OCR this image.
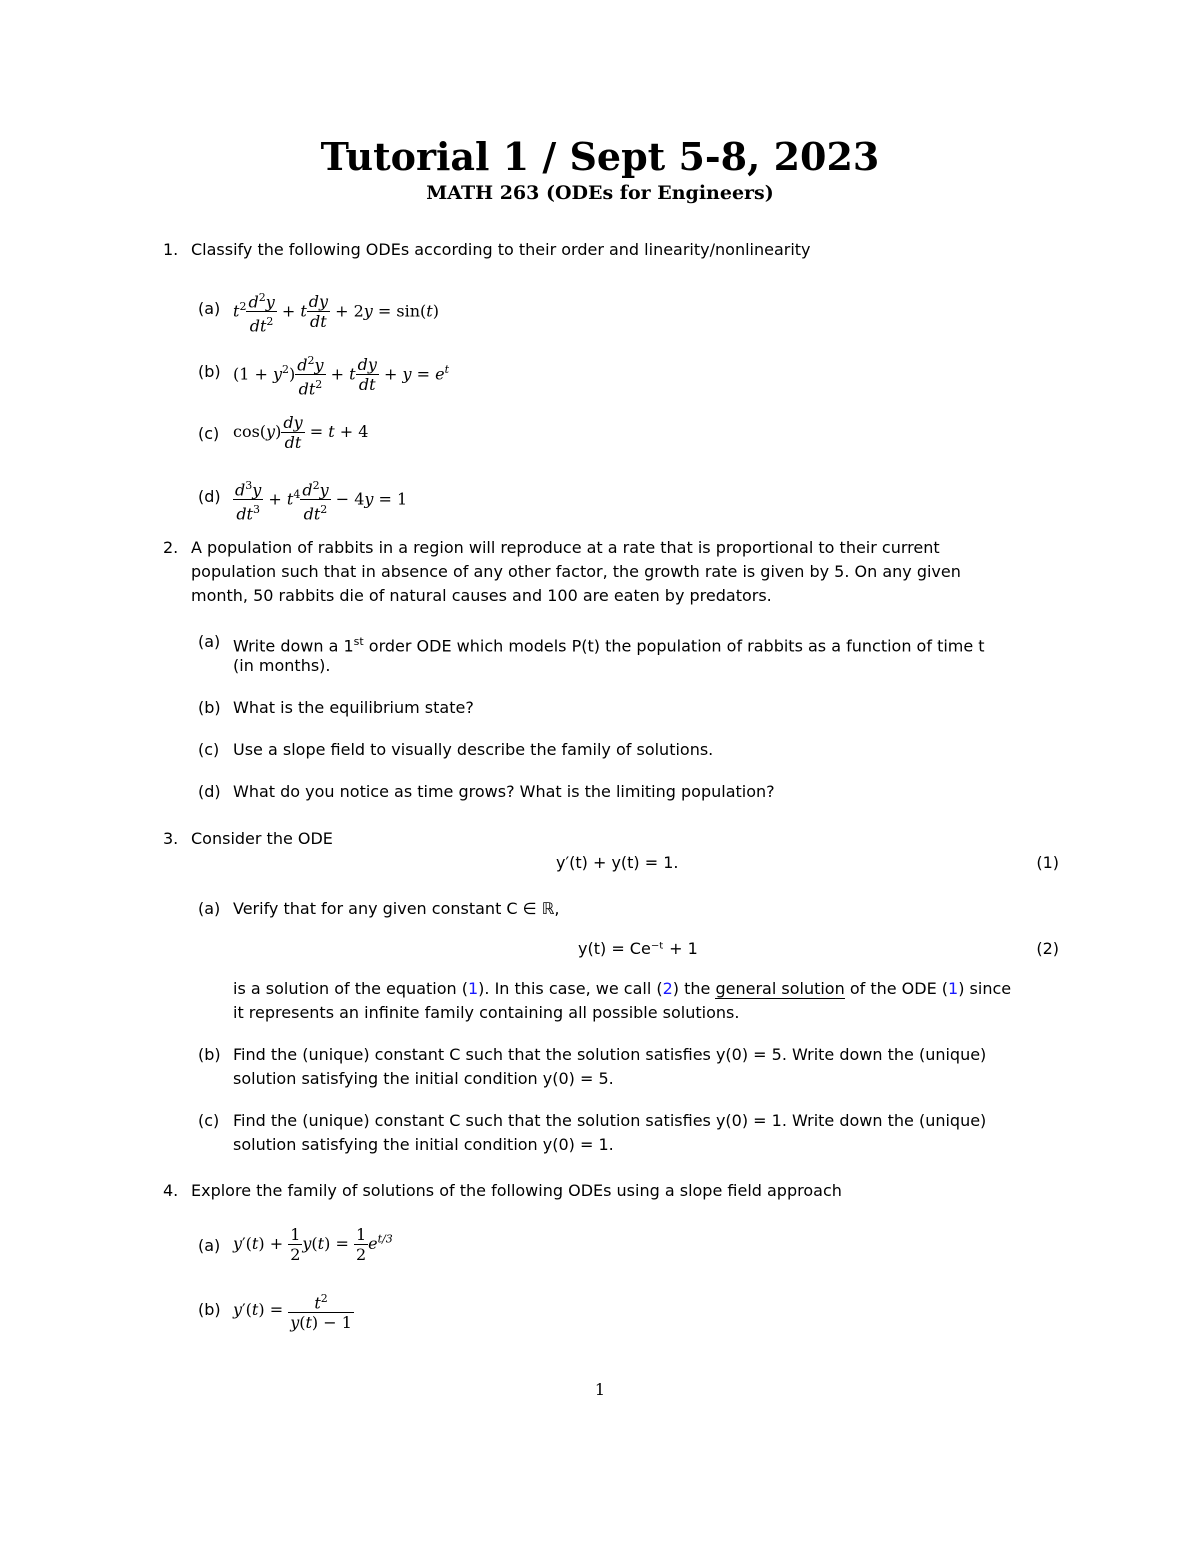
Tutorial 1 / Sept 5-8, 2023
MATH 263 (ODEs for Engineers)
1. Classify the following ODEs according to their order and linearity/nonlinearity
(a) $t^2 \frac{d^2y}{dt^2} + t \frac{dy}{dt} + 2y = \sin(t)$
(b) $(1 + y^2) \frac{d^2y}{dt^2} + t \frac{dy}{dt} + y = e^t$
(c) $\cos(y) \frac{dy}{dt} = t + 4$
$(d) \frac{d^3y}{dt^3} + t^4 \frac{d^2y}{dt^2} - 4y = 1$
2. A population of rabbits in a region will reproduce at a rate that is proportional to their current
population such that in absence of any other factor, the growth rate is given by 5. On any given
month, 50 rabbits die of natural causes and 100 are eaten by predators.
(a) Write down a 1st order ODE which models P(t) the population of rabbits as a function of time t
(in months).
(b) What is the equilibrium state?
(c) Use a slope field to visually describe the family of solutions.
(d) What do you notice as time grows? What is the limiting population?
3. Consider the ODE
y′(t) + y(t) = 1.	(1)
(a) Verify that for any given constant C ∈ ℝ,
y(t) = Ce⁻ᵗ + 1	(2)
is a solution of the equation (1). In this case, we call (2) the general solution of the ODE (1) since
it represents an infinite family containing all possible solutions.
(b) Find the (unique) constant C such that the solution satisfies y(0) = 5. Write down the (unique)
solution satisfying the initial condition y(0) = 5.
(c) Find the (unique) constant C such that the solution satisfies y(0) = 1. Write down the (unique)
solution satisfying the initial condition y(0) = 1.
4. Explore the family of solutions of the following ODEs using a slope field approach
(a) $y'(t) + \frac{1}{2} y(t) = \frac{1}{2} e^{t/3}$
(b) $y'(t) = \frac{t^2}{y(t) - 1}$
1
